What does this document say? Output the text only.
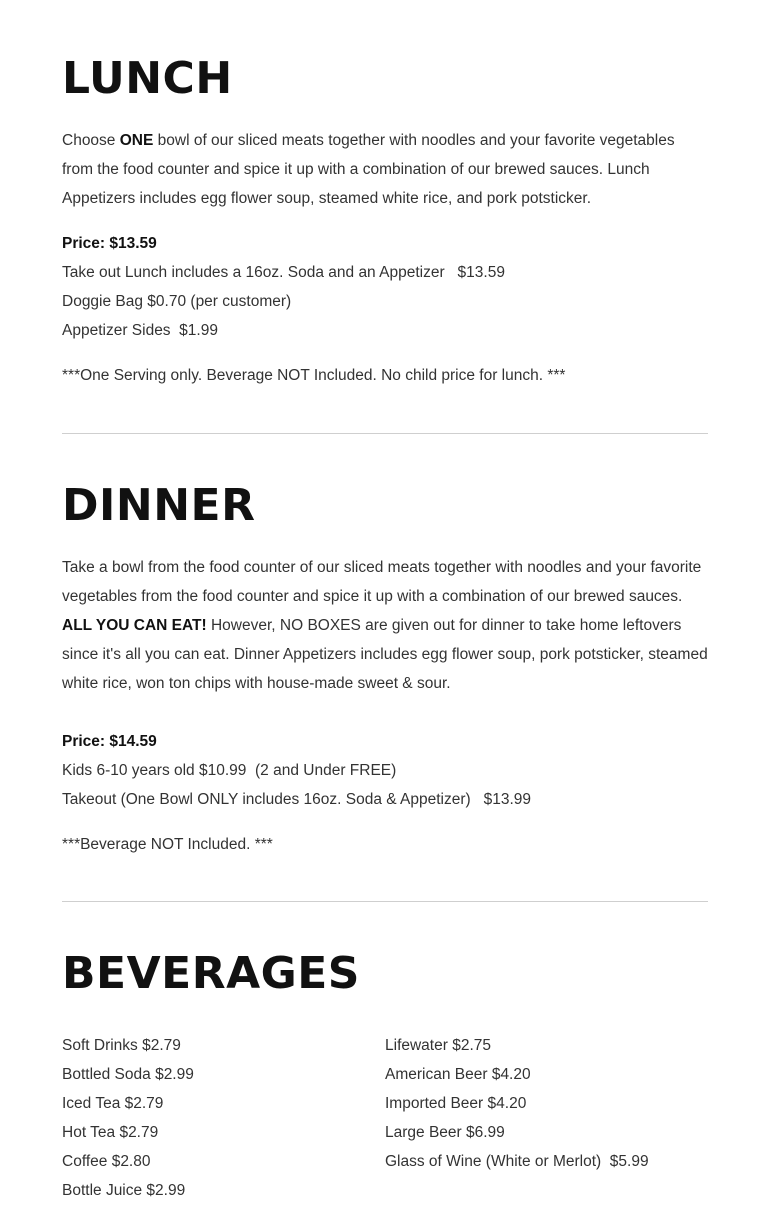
LUNCH

Choose ONE bowl of our sliced meats together with noodles and your favorite vegetables from the food counter and spice it up with a combination of our brewed sauces. Lunch Appetizers includes egg flower soup, steamed white rice, and pork potsticker.

Price: $13.59

Take out Lunch includes a 16oz. Soda and an Appetizer   $13.59

Doggie Bag $0.70 (per customer)

Appetizer Sides  $1.99

***One Serving only. Beverage NOT Included. No child price for lunch. ***

DINNER

Take a bowl from the food counter of our sliced meats together with noodles and your favorite vegetables from the food counter and spice it up with a combination of our brewed sauces. ALL YOU CAN EAT! However, NO BOXES are given out for dinner to take home leftovers since it's all you can eat. Dinner Appetizers includes egg flower soup, pork potsticker, steamed white rice, won ton chips with house-made sweet & sour.

Price: $14.59

Kids 6-10 years old $10.99  (2 and Under FREE)

Takeout (One Bowl ONLY includes 16oz. Soda & Appetizer)   $13.99

***Beverage NOT Included. ***

BEVERAGES

Soft Drinks $2.79

Bottled Soda $2.99

Iced Tea $2.79

Hot Tea $2.79

Coffee $2.80

Bottle Juice $2.99

Lifewater $2.75

American Beer $4.20

Imported Beer $4.20

Large Beer $6.99

Glass of Wine (White or Merlot)  $5.99
